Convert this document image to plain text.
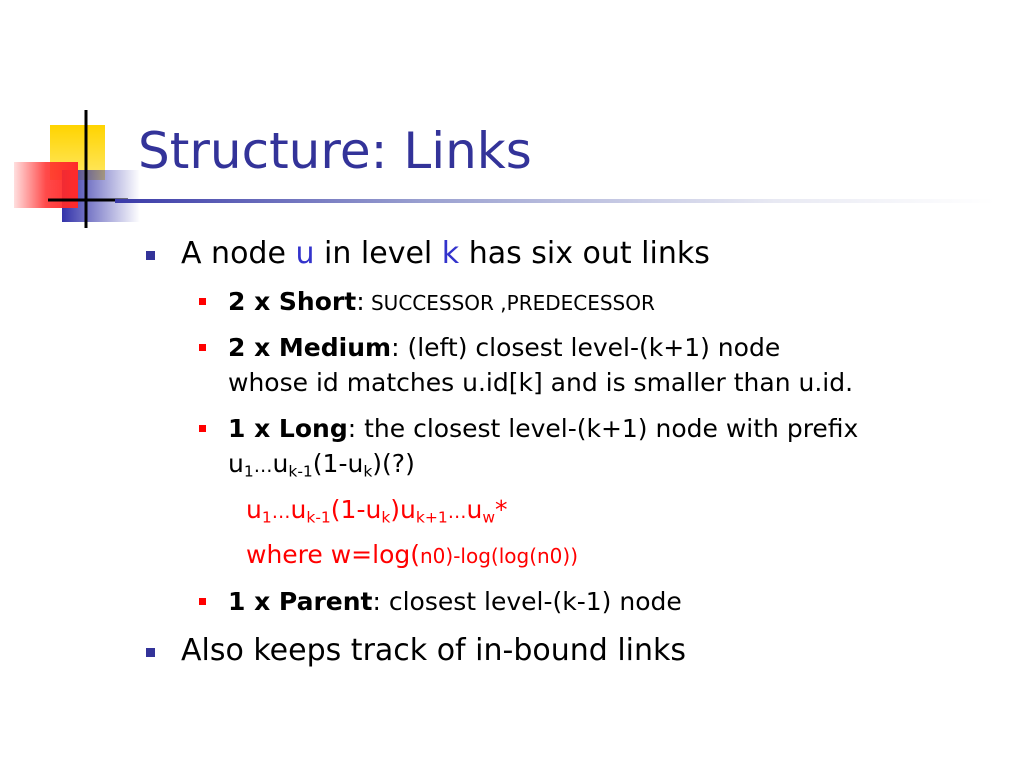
Structure: Links
A node u in level k has six out links
2 x Short: SUCCESSOR ,PREDECESSOR
2 x Medium: (left) closest level-(k+1) node
whose id matches u.id[k] and is smaller than u.id.
1 x Long: the closest level-(k+1) node with prefix
$u_1\dots u_{k-1}(1-u_k)(?)$
$u_1\dots u_{k-1}(1-u_k)u_{k+1}\dots u_w*$
where w=log(n0)-log(log(n0))
1 x Parent: closest level-(k-1) node
Also keeps track of in-bound links
